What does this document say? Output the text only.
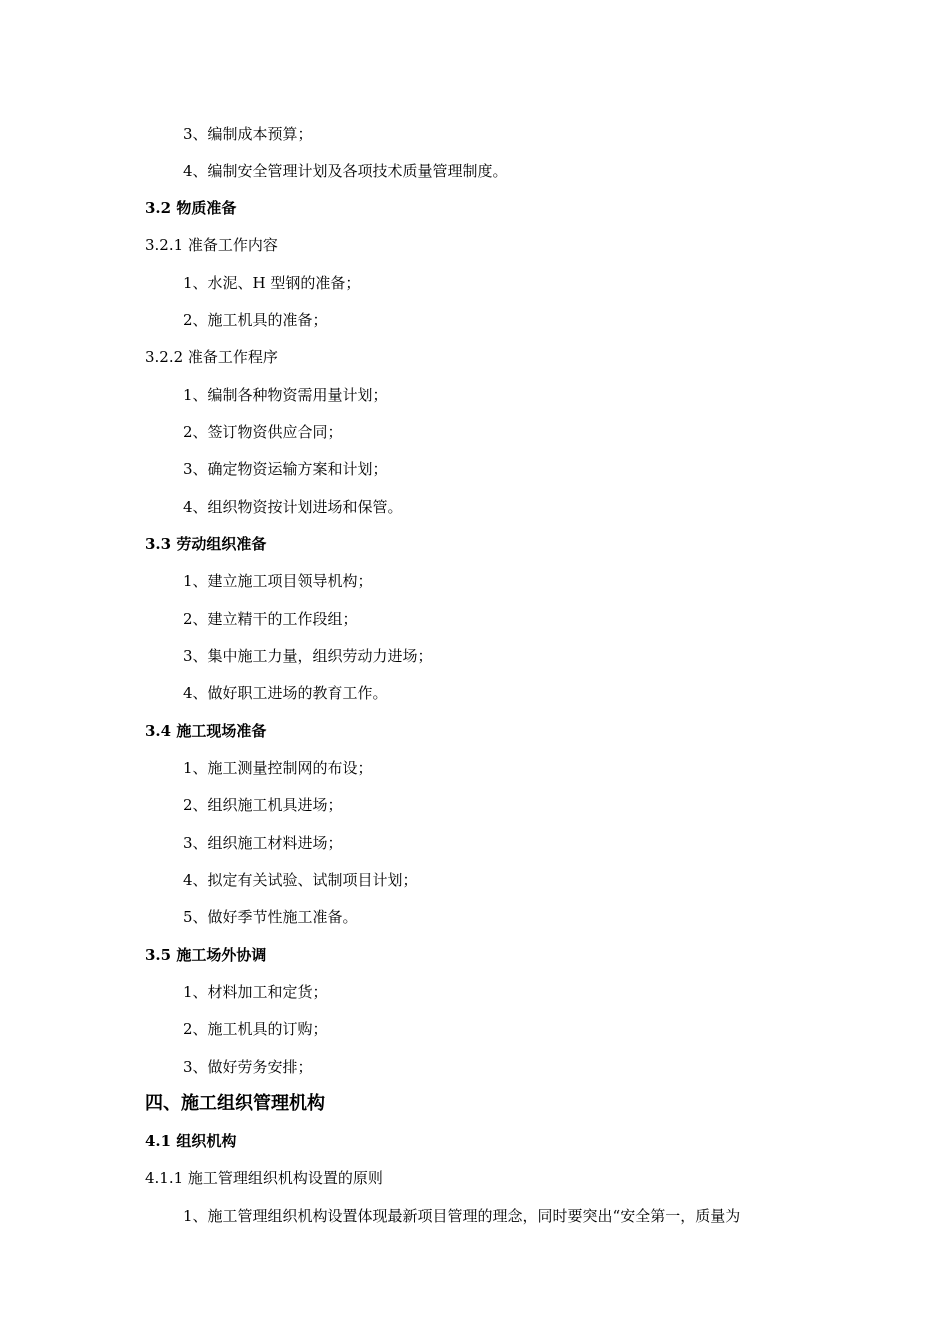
3、编制成本预算；
4、编制安全管理计划及各项技术质量管理制度。
3.2 物质准备
3.2.1 准备工作内容
1、水泥、H 型钢的准备；
2、施工机具的准备；
3.2.2 准备工作程序
1、编制各种物资需用量计划；
2、签订物资供应合同；
3、确定物资运输方案和计划；
4、组织物资按计划进场和保管。
3.3 劳动组织准备
1、建立施工项目领导机构；
2、建立精干的工作段组；
3、集中施工力量，组织劳动力进场；
4、做好职工进场的教育工作。
3.4 施工现场准备
1、施工测量控制网的布设；
2、组织施工机具进场；
3、组织施工材料进场；
4、拟定有关试验、试制项目计划；
5、做好季节性施工准备。
3.5 施工场外协调
1、材料加工和定货；
2、施工机具的订购；
3、做好劳务安排；
四、施工组织管理机构
4.1 组织机构
4.1.1 施工管理组织机构设置的原则
1、施工管理组织机构设置体现最新项目管理的理念，同时要突出“安全第一，质量为
